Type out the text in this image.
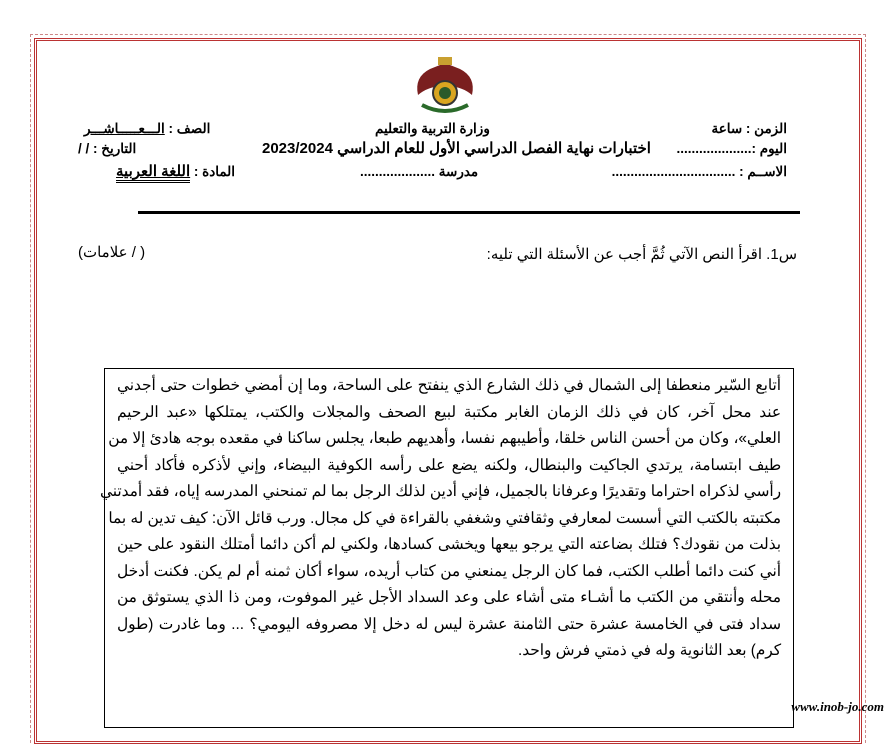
الزمن : ساعة
وزارة التربية والتعليم
الصف : الـــعـــــاشـــر
اليوم :....................
اختبارات نهاية الفصل الدراسي الأول للعام الدراسي 2023/2024
التاريخ : / /
الاســم : .................................
مدرسة ....................
المادة : اللغة العربية
س1. اقرأ النص الآتي ثُمَّ أجب عن الأسئلة التي تليه:
( / علامات)
أتابع السّير منعطفا إلى الشمال في ذلك الشارع الذي ينفتح على الساحة، وما إن أمضي خطوات حتى أجدني
عند محل آخر، كان في ذلك الزمان الغابر مكتبة لبيع الصحف والمجلات والكتب، يمتلكها «عبد الرحيم
العلي»، وكان من أحسن الناس خلقا، وأطيبهم نفسا، وأهديهم طبعا، يجلس ساكنا في مقعده بوجه هادئ إلا من
طيف ابتسامة، يرتدي الجاكيت والبنطال، ولكنه يضع على رأسه الكوفية البيضاء، وإني لأذكره فأكاد أحني
رأسي لذكراه احتراما وتقديرًا وعرفانا بالجميل، فإني أدين لذلك الرجل بما لم تمنحني المدرسه إياه، فقد أمدتني
مكتبته بالكتب التي أسست لمعارفي وثقافتي وشغفي بالقراءة في كل مجال. ورب قائل الآن: كيف تدين له بما
بذلت من نقودك؟ فتلك بضاعته التي يرجو بيعها ويخشى كسادها، ولكني لم أكن دائما أمتلك النقود على حين
أني كنت دائما أطلب الكتب، فما كان الرجل يمنعني من كتاب أريده، سواء أكان ثمنه أم لم يكن. فكنت أدخل
محله وأنتقي من الكتب ما أشـاء متى أشاء على وعد السداد الأجل غير الموفوت، ومن ذا الذي يستوثق من
سداد فتى في الخامسة عشرة حتى الثامنة عشرة ليس له دخل إلا مصروفه اليومي؟ ... وما غادرت (طول
كرم) بعد الثانوية وله في ذمتي فرش واحد.
www.inob-jo.com
